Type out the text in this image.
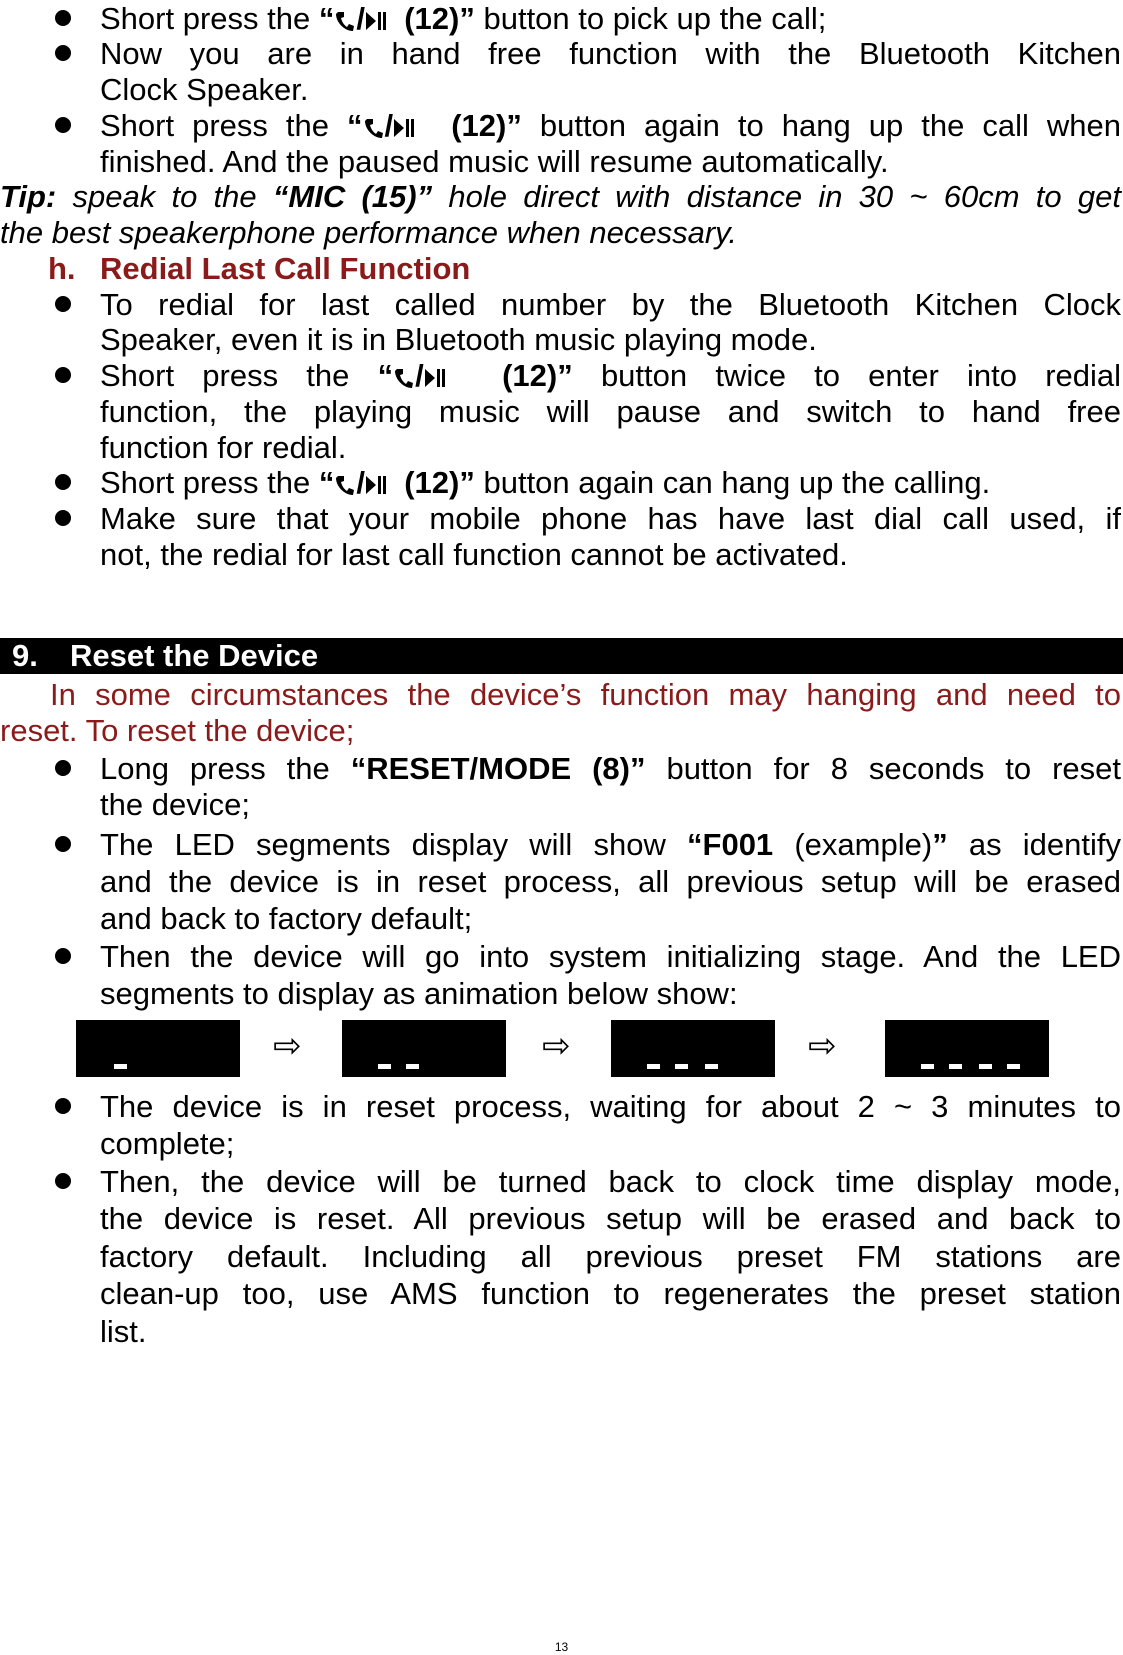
Short press the “ / (12)” button to pick up the call;
Now you are in hand free function with the Bluetooth Kitchen
Clock Speaker.
Short press the “ / (12)” button again to hang up the call when
finished. And the paused music will resume automatically.
Tip: speak to the “MIC (15)” hole direct with distance in 30 ~ 60cm to get
the best speakerphone performance when necessary.
h. Redial Last Call Function
To redial for last called number by the Bluetooth Kitchen Clock
Speaker, even it is in Bluetooth music playing mode.
Short press the “ /	(12)” button twice to enter into redial
function, the playing music will pause and switch to hand free
function for redial.
Short press the “ / (12)” button again can hang up the calling.
Make sure that your mobile phone has have last dial call used, if
not, the redial for last call function cannot be activated.
9. Reset the Device
In some circumstances the device’s function may hanging and need to
reset. To reset the device;
Long press the “RESET/MODE (8)” button for 8 seconds to reset
the device;
The LED segments display will show “F001 (example)” as identify
and the device is in reset process, all previous setup will be erased
and back to factory default;
Then the device will go into system initializing stage. And the LED
segments to display as animation below show:
⇨	⇨	⇨
The device is in reset process, waiting for about 2 ~ 3 minutes to
complete;
Then, the device will be turned back to clock time display mode,
the device is reset. All previous setup will be erased and back to
factory default. Including all previous preset FM stations are
clean-up too, use AMS function to regenerates the preset station
list.
13
